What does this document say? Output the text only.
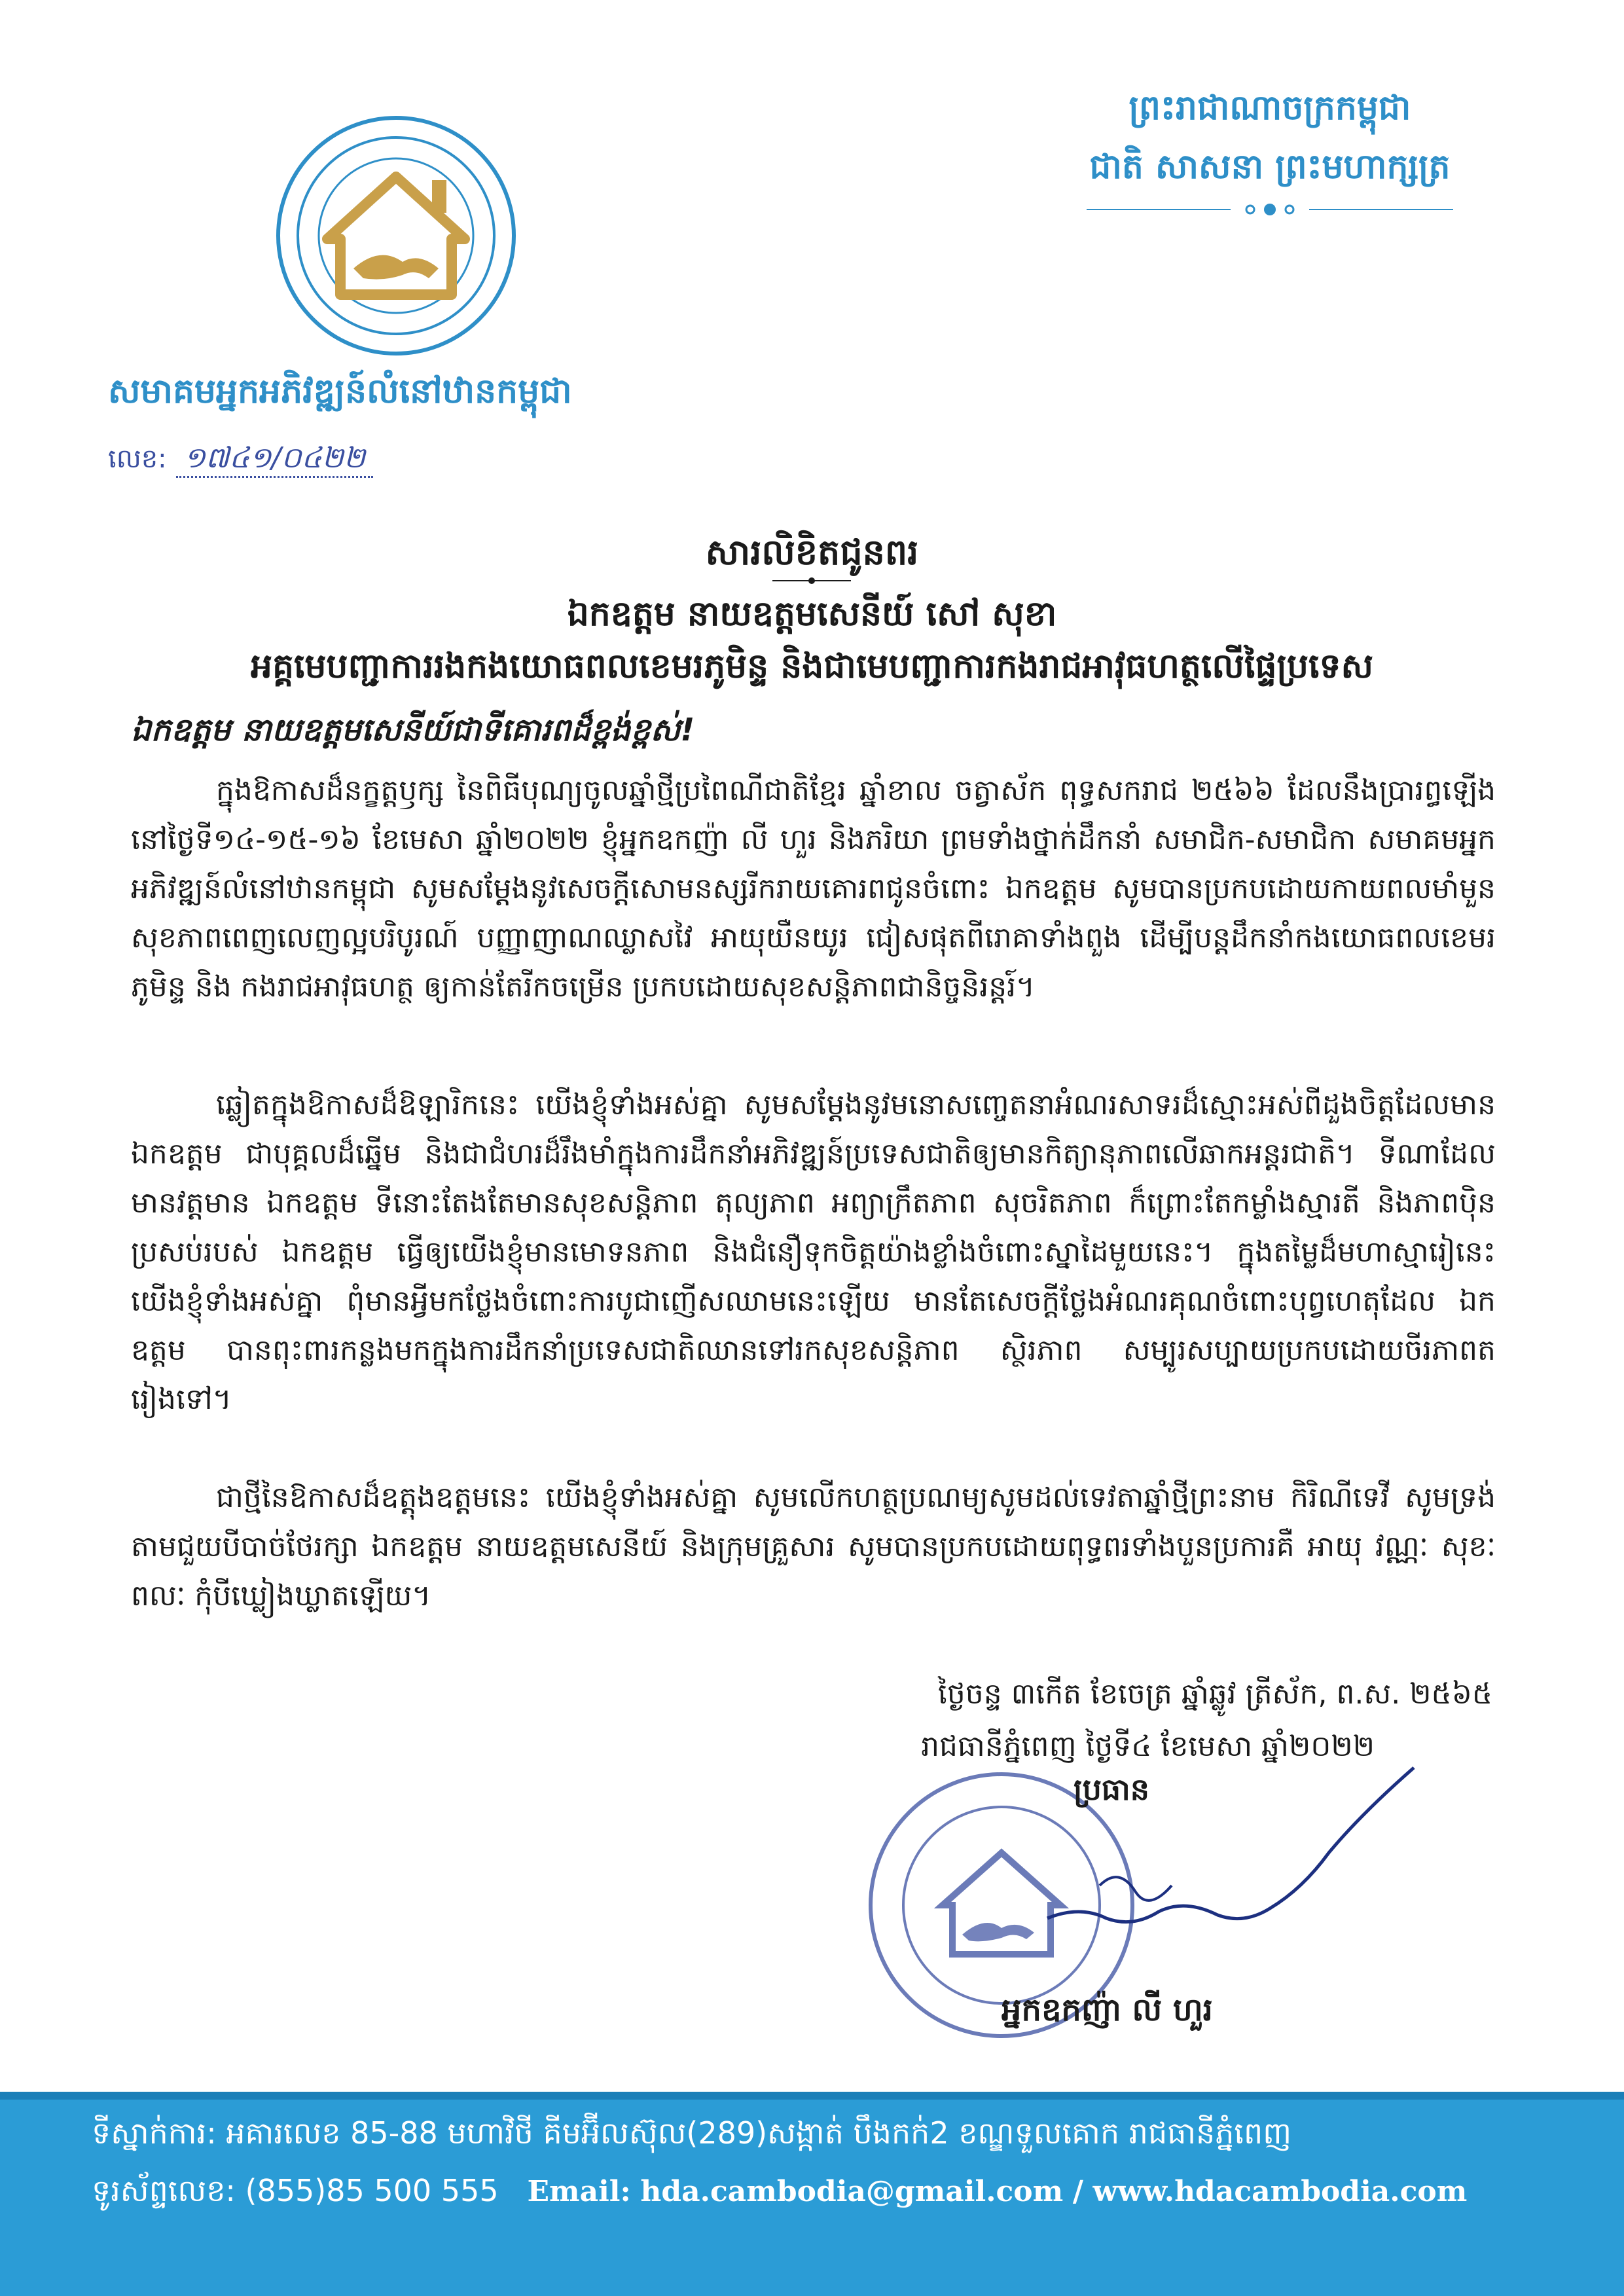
សមាគមអ្នកអភិវឌ្ឍន៍លំនៅឋានកម្ពុជា
លេខ: ១៧៤១/០៤២២
ព្រះរាជាណាចក្រកម្ពុជា
ជាតិ សាសនា ព្រះមហាក្សត្រ
សារលិខិតជូនពរ
ឯកឧត្តម នាយឧត្តមសេនីយ៍ សៅ សុខា
អគ្គមេបញ្ជាការរងកងយោធពលខេមរភូមិន្ទ និងជាមេបញ្ជាការកងរាជអាវុធហត្ថលើផ្ទៃប្រទេស
ឯកឧត្តម នាយឧត្តមសេនីយ៍ជាទីគោរពដ៏ខ្ពង់ខ្ពស់!
ក្នុងឱកាសដ៏នក្ខត្តឫក្ស នៃពិធីបុណ្យចូលឆ្នាំថ្មីប្រពៃណីជាតិខ្មែរ ឆ្នាំខាល ចត្វាស័ក ពុទ្ធសករាជ ២៥៦៦ ដែលនឹងប្រារព្ធឡើងនៅថ្ងៃទី១៤-១៥-១៦ ខែមេសា ឆ្នាំ២០២២ ខ្ញុំអ្នកឧកញ៉ា លី ហួរ និងភរិយា ព្រមទាំងថ្នាក់ដឹកនាំ សមាជិក-សមាជិកា សមាគមអ្នកអភិវឌ្ឍន៍លំនៅឋានកម្ពុជា សូមសម្តែងនូវសេចក្តីសោមនស្សរីករាយគោរពជូនចំពោះ ឯកឧត្តម សូមបានប្រកបដោយកាយពលមាំមួន សុខភាពពេញលេញល្អបរិបូរណ៍ បញ្ញាញាណឈ្លាសវៃ អាយុយឺនយូរ ជៀសផុតពីរោគាទាំងពួង ដើម្បីបន្តដឹកនាំកងយោធពលខេមរភូមិន្ទ និង កងរាជអាវុធហត្ថ ឲ្យកាន់តែរីកចម្រើន ប្រកបដោយសុខសន្តិភាពជានិច្ចនិរន្តរ៍។
ឆ្លៀតក្នុងឱកាសដ៏ឱឡារិកនេះ យើងខ្ញុំទាំងអស់គ្នា សូមសម្តែងនូវមនោសញ្ចេតនាអំណរសាទរដ៏ស្មោះអស់ពីដួងចិត្តដែលមាន ឯកឧត្តម ជាបុគ្គលដ៏ឆ្នើម និងជាជំហរដ៏រឹងមាំក្នុងការដឹកនាំអភិវឌ្ឍន៍ប្រទេសជាតិឲ្យមានកិត្យានុភាពលើឆាកអន្តរជាតិ។ ទីណាដែលមានវត្តមាន ឯកឧត្តម ទីនោះតែងតែមានសុខសន្តិភាព តុល្យភាព អព្យាក្រឹតភាព សុចរិតភាព ក៏ព្រោះតែកម្លាំងស្មារតី និងភាពប៉ិនប្រសប់របស់ ឯកឧត្តម ធ្វើឲ្យយើងខ្ញុំមានមោទនភាព និងជំនឿទុកចិត្តយ៉ាងខ្លាំងចំពោះស្នាដៃមួយនេះ។ ក្នុងតម្លៃដ៏មហាស្មារៀនេះ យើងខ្ញុំទាំងអស់គ្នា ពុំមានអ្វីមកថ្លែងចំពោះការបូជាញើសឈាមនេះឡើយ មានតែសេចក្តីថ្លែងអំណរគុណចំពោះបុព្វហេតុដែល ឯកឧត្តម បានពុះពារកន្លងមកក្នុងការដឹកនាំប្រទេសជាតិឈានទៅរកសុខសន្តិភាព ស្ថិរភាព សម្បូរសប្បាយប្រកបដោយចីរភាពតរៀងទៅ។
ជាថ្មីនៃឱកាសដ៏ឧត្តុងឧត្តមនេះ យើងខ្ញុំទាំងអស់គ្នា សូមលើកហត្ថប្រណម្យសូមដល់ទេវតាឆ្នាំថ្មីព្រះនាម កិរិណីទេវី សូមទ្រង់តាមជួយបីបាច់ថែរក្សា ឯកឧត្តម នាយឧត្តមសេនីយ៍ និងក្រុមគ្រួសារ សូមបានប្រកបដោយពុទ្ធពរទាំងបួនប្រការគឺ អាយុ វណ្ណៈ សុខៈ ពលៈ កុំបីឃ្លៀងឃ្លាតឡើយ។
ថ្ងៃចន្ទ ៣កើត ខែចេត្រ ឆ្នាំឆ្លូវ ត្រីស័ក, ព.ស. ២៥៦៥
រាជធានីភ្នំពេញ ថ្ងៃទី៤ ខែមេសា ឆ្នាំ២០២២
ប្រធាន
អ្នកឧកញ៉ា លី ហួរ
ទីស្នាក់ការ: អគារលេខ 85-88 មហាវិថី គីមអ៊ីលស៊ុល(289)សង្កាត់ បឹងកក់2 ខណ្ឌទួលគោក រាជធានីភ្នំពេញ
ទូរស័ព្ទលេខ: (855)85 500 555 Email: hda.cambodia@gmail.com / www.hdacambodia.com
